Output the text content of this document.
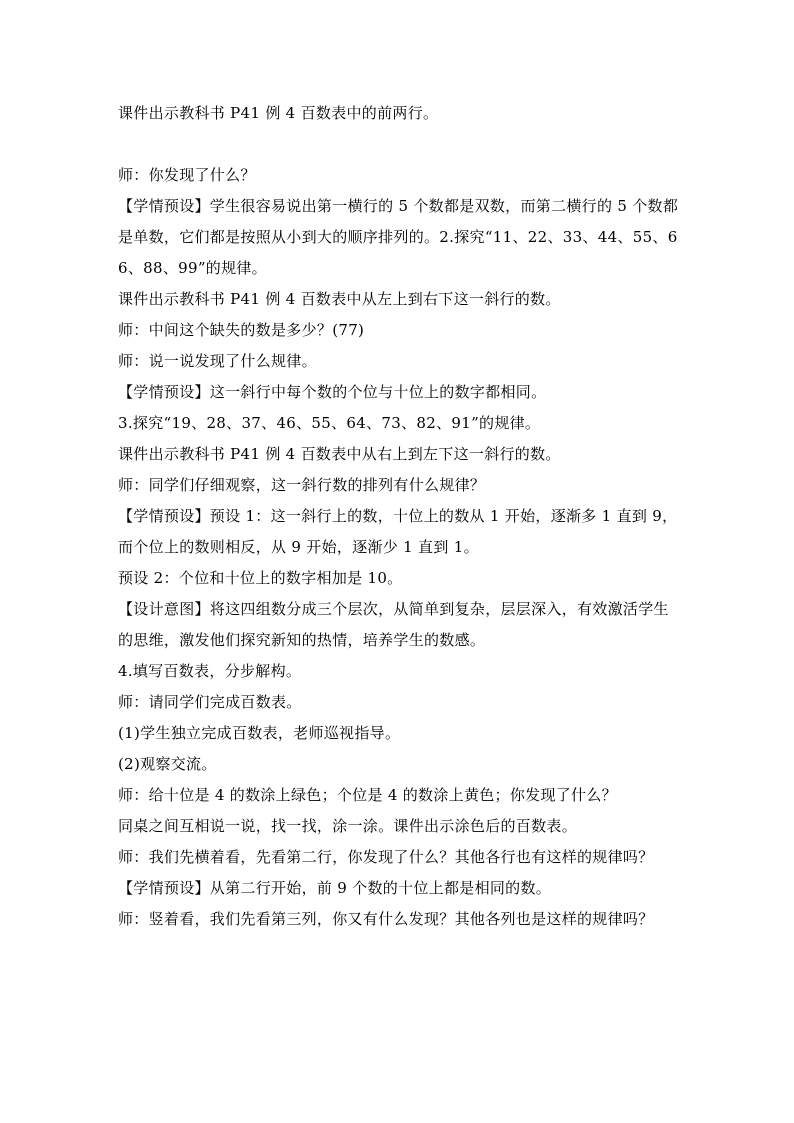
课件出示教科书 P41 例 4 百数表中的前两行。

师：你发现了什么？

【学情预设】学生很容易说出第一横行的 5 个数都是双数，而第二横行的 5 个数都是单数，它们都是按照从小到大的顺序排列的。2.探究“11、22、33、44、55、66、88、99”的规律。

课件出示教科书 P41 例 4 百数表中从左上到右下这一斜行的数。

师：中间这个缺失的数是多少？(77)

师：说一说发现了什么规律。

【学情预设】这一斜行中每个数的个位与十位上的数字都相同。

3.探究“19、28、37、46、55、64、73、82、91”的规律。

课件出示教科书 P41 例 4 百数表中从右上到左下这一斜行的数。

师：同学们仔细观察，这一斜行数的排列有什么规律？

【学情预设】预设 1：这一斜行上的数，十位上的数从 1 开始，逐渐多 1 直到 9，而个位上的数则相反，从 9 开始，逐渐少 1 直到 1。

预设 2：个位和十位上的数字相加是 10。

【设计意图】将这四组数分成三个层次，从简单到复杂，层层深入，有效激活学生的思维，激发他们探究新知的热情，培养学生的数感。

4.填写百数表，分步解构。

师：请同学们完成百数表。

(1)学生独立完成百数表，老师巡视指导。

(2)观察交流。

师：给十位是 4 的数涂上绿色；个位是 4 的数涂上黄色；你发现了什么？

同桌之间互相说一说，找一找，涂一涂。课件出示涂色后的百数表。

师：我们先横着看，先看第二行，你发现了什么？其他各行也有这样的规律吗？

【学情预设】从第二行开始，前 9 个数的十位上都是相同的数。

师：竖着看，我们先看第三列，你又有什么发现？其他各列也是这样的规律吗？
